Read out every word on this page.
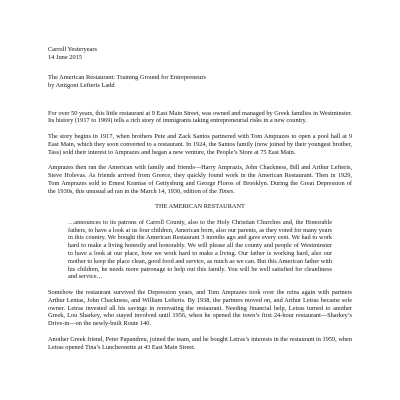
Carroll Yesteryears
14 June 2015
The American Restaurant: Training Ground for Entrepreneurs
by Antigoni Lefteris Ladd

For over 50 years, this little restaurant at 9 East Main Street, was owned and managed by Greek families in Westminster. Its history (1917 to 1969) tells a rich story of immigrants taking entrepreneurial risks in a new country.

The story begins in 1917, when brothers Pete and Zack Santos partnered with Tom Amprazes to open a pool hall at 9 East Main, which they soon converted to a restaurant. In 1924, the Santos family (now joined by their youngest brother, Tass) sold their interest to Amprazes and began a new venture, the People’s Store at 75 East Main.

Amprazes then ran the American with family and friends—Harry Amprazis, John Chackness, Bill and Arthur Lefteris, Steve Holevas. As friends arrived from Greece, they quickly found work in the American Restaurant. Then in 1929, Tom Amprazes sold to Ernest Kranias of Gettysburg and George Floros of Brooklyn. During the Great Depression of the 1930s, this unusual ad ran in the March 14, 1930, edition of the Times.

THE AMERICAN RESTAURANT

…announces to its patrons of Carroll County, also to the Holy Christian Churches and, the Honorable fathers, to have a look at us four children, American born, also our parents, as they voted for many years in this country. We bought the American Restaurant 3 months ago and gave every cent. We had to work hard to make a living honestly and honorably. We will please all the county and people of Westminster to have a look at our place, how we work hard to make a living. Our father is working hard, also our mother to keep the place clean, good food and service, as much as we can. But this American father with his children, he needs more patronage to help out this family. You will be well satisfied for cleanliness and service…

Somehow the restaurant survived the Depression years, and Tom Amprazes took over the reins again with partners Arthur Lentas, John Chackness, and William Lefteris. By 1938, the partners moved on, and Arthur Letras became sole owner. Letras invested all his savings in renovating the restaurant. Needing financial help, Letras turned to another Greek, Lou Sharkey, who stayed involved until 1956, when he opened the town’s first 24-hour restaurant—Sharkey’s Drive-in—on the newly-built Route 140.

Another Greek friend, Peter Papandreu, joined the team, and he bought Letras’s interests in the restaurant in 1959, when Letras opened Tina’s Luncheonette at 43 East Main Street.
